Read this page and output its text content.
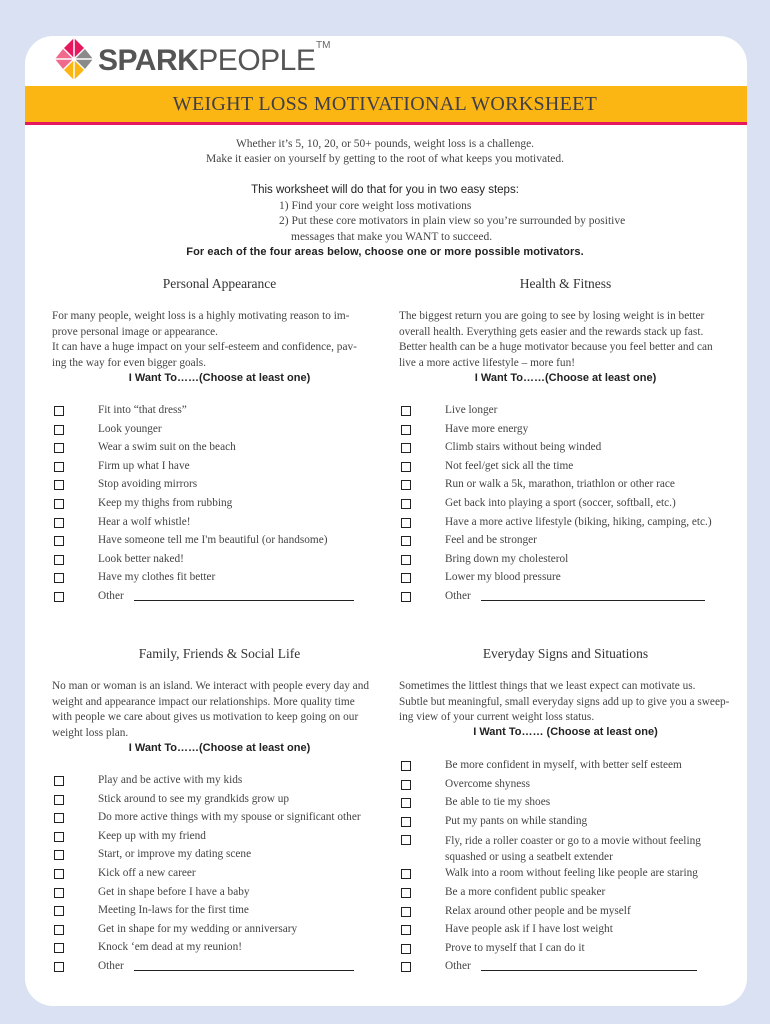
SPARKPEOPLE TM
WEIGHT LOSS MOTIVATIONAL WORKSHEET
Whether it’s 5, 10, 20, or 50+ pounds, weight loss is a challenge.
Make it easier on yourself by getting to the root of what keeps you motivated.
This worksheet will do that for you in two easy steps:
1) Find your core weight loss motivations
2) Put these core motivators in plain view so you’re surrounded by positive
messages that make you WANT to succeed.
For each of the four areas below, choose one or more possible motivators.
Personal Appearance
For many people, weight loss is a highly motivating reason to im-
prove personal image or appearance.
It can have a huge impact on your self-esteem and confidence, pav-
ing the way for even bigger goals.
I Want To……(Choose at least one)
Fit into “that dress”
Look younger
Wear a swim suit on the beach
Firm up what I have
Stop avoiding mirrors
Keep my thighs from rubbing
Hear a wolf whistle!
Have someone tell me I'm beautiful (or handsome)
Look better naked!
Have my clothes fit better
Other
Health & Fitness
The biggest return you are going to see by losing weight is in better
overall health. Everything gets easier and the rewards stack up fast.
Better health can be a huge motivator because you feel better and can
live a more active lifestyle – more fun!
I Want To……(Choose at least one)
Live longer
Have more energy
Climb stairs without being winded
Not feel/get sick all the time
Run or walk a 5k, marathon, triathlon or other race
Get back into playing a sport (soccer, softball, etc.)
Have a more active lifestyle (biking, hiking, camping, etc.)
Feel and be stronger
Bring down my cholesterol
Lower my blood pressure
Other
Family, Friends & Social Life
No man or woman is an island. We interact with people every day and
weight and appearance impact our relationships. More quality time
with people we care about gives us motivation to keep going on our
weight loss plan.
I Want To……(Choose at least one)
Play and be active with my kids
Stick around to see my grandkids grow up
Do more active things with my spouse or significant other
Keep up with my friend
Start, or improve my dating scene
Kick off a new career
Get in shape before I have a baby
Meeting In-laws for the first time
Get in shape for my wedding or anniversary
Knock ‘em dead at my reunion!
Other
Everyday Signs and Situations
Sometimes the littlest things that we least expect can motivate us.
Subtle but meaningful, small everyday signs add up to give you a sweep-
ing view of your current weight loss status.
I Want To…… (Choose at least one)
Be more confident in myself, with better self esteem
Overcome shyness
Be able to tie my shoes
Put my pants on while standing
Fly, ride a roller coaster or go to a movie without feeling
squashed or using a seatbelt extender
Walk into a room without feeling like people are staring
Be a more confident public speaker
Relax around other people and be myself
Have people ask if I have lost weight
Prove to myself that I can do it
Other
